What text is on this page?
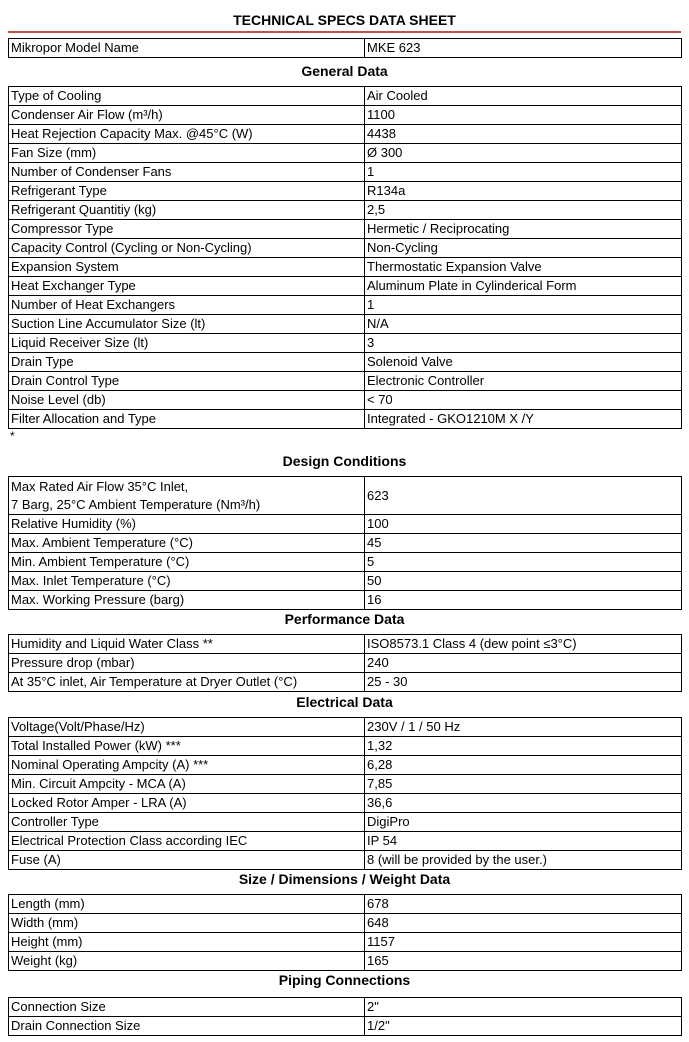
TECHNICAL SPECS DATA SHEET
Mikropor Model Name	MKE 623
General Data
Type of Cooling	Air Cooled
Condenser Air Flow (m³/h)	1100
Heat Rejection Capacity Max. @45°C (W)	4438
Fan Size (mm)	Ø 300
Number of Condenser Fans	1
Refrigerant Type	R134a
Refrigerant Quantitiy (kg)	2,5
Compressor Type	Hermetic / Reciprocating
Capacity Control (Cycling or Non-Cycling)	Non-Cycling
Expansion System	Thermostatic Expansion Valve
Heat Exchanger Type	Aluminum Plate in Cylinderical Form
Number of Heat Exchangers	1
Suction Line Accumulator Size (lt)	N/A
Liquid Receiver Size (lt)	3
Drain Type	Solenoid Valve
Drain Control Type	Electronic Controller
Noise Level (db)	< 70
Filter Allocation and Type	Integrated - GKO1210M X /Y
*
Design Conditions
Max Rated Air Flow 35°C Inlet,
7 Barg, 25°C Ambient Temperature (Nm³/h)	623
Relative Humidity (%)	100
Max. Ambient Temperature (°C)	45
Min. Ambient Temperature (°C)	5
Max. Inlet Temperature (°C)	50
Max. Working Pressure (barg)	16
Performance Data
Humidity and Liquid Water Class **	ISO8573.1 Class 4 (dew point ≤3°C)
Pressure drop (mbar)	240
At 35°C inlet, Air Temperature at Dryer Outlet (°C)	25 - 30
Electrical Data
Voltage(Volt/Phase/Hz)	230V / 1 / 50 Hz
Total Installed Power (kW) ***	1,32
Nominal Operating Ampcity (A) ***	6,28
Min. Circuit Ampcity - MCA (A)	7,85
Locked Rotor Amper - LRA (A)	36,6
Controller Type	DigiPro
Electrical Protection Class according IEC	IP 54
Fuse (A)	8 (will be provided by the user.)
Size / Dimensions / Weight Data
Length (mm)	678
Width (mm)	648
Height (mm)	1157
Weight (kg)	165
Piping Connections
Connection Size	2"
Drain Connection Size	1/2"
